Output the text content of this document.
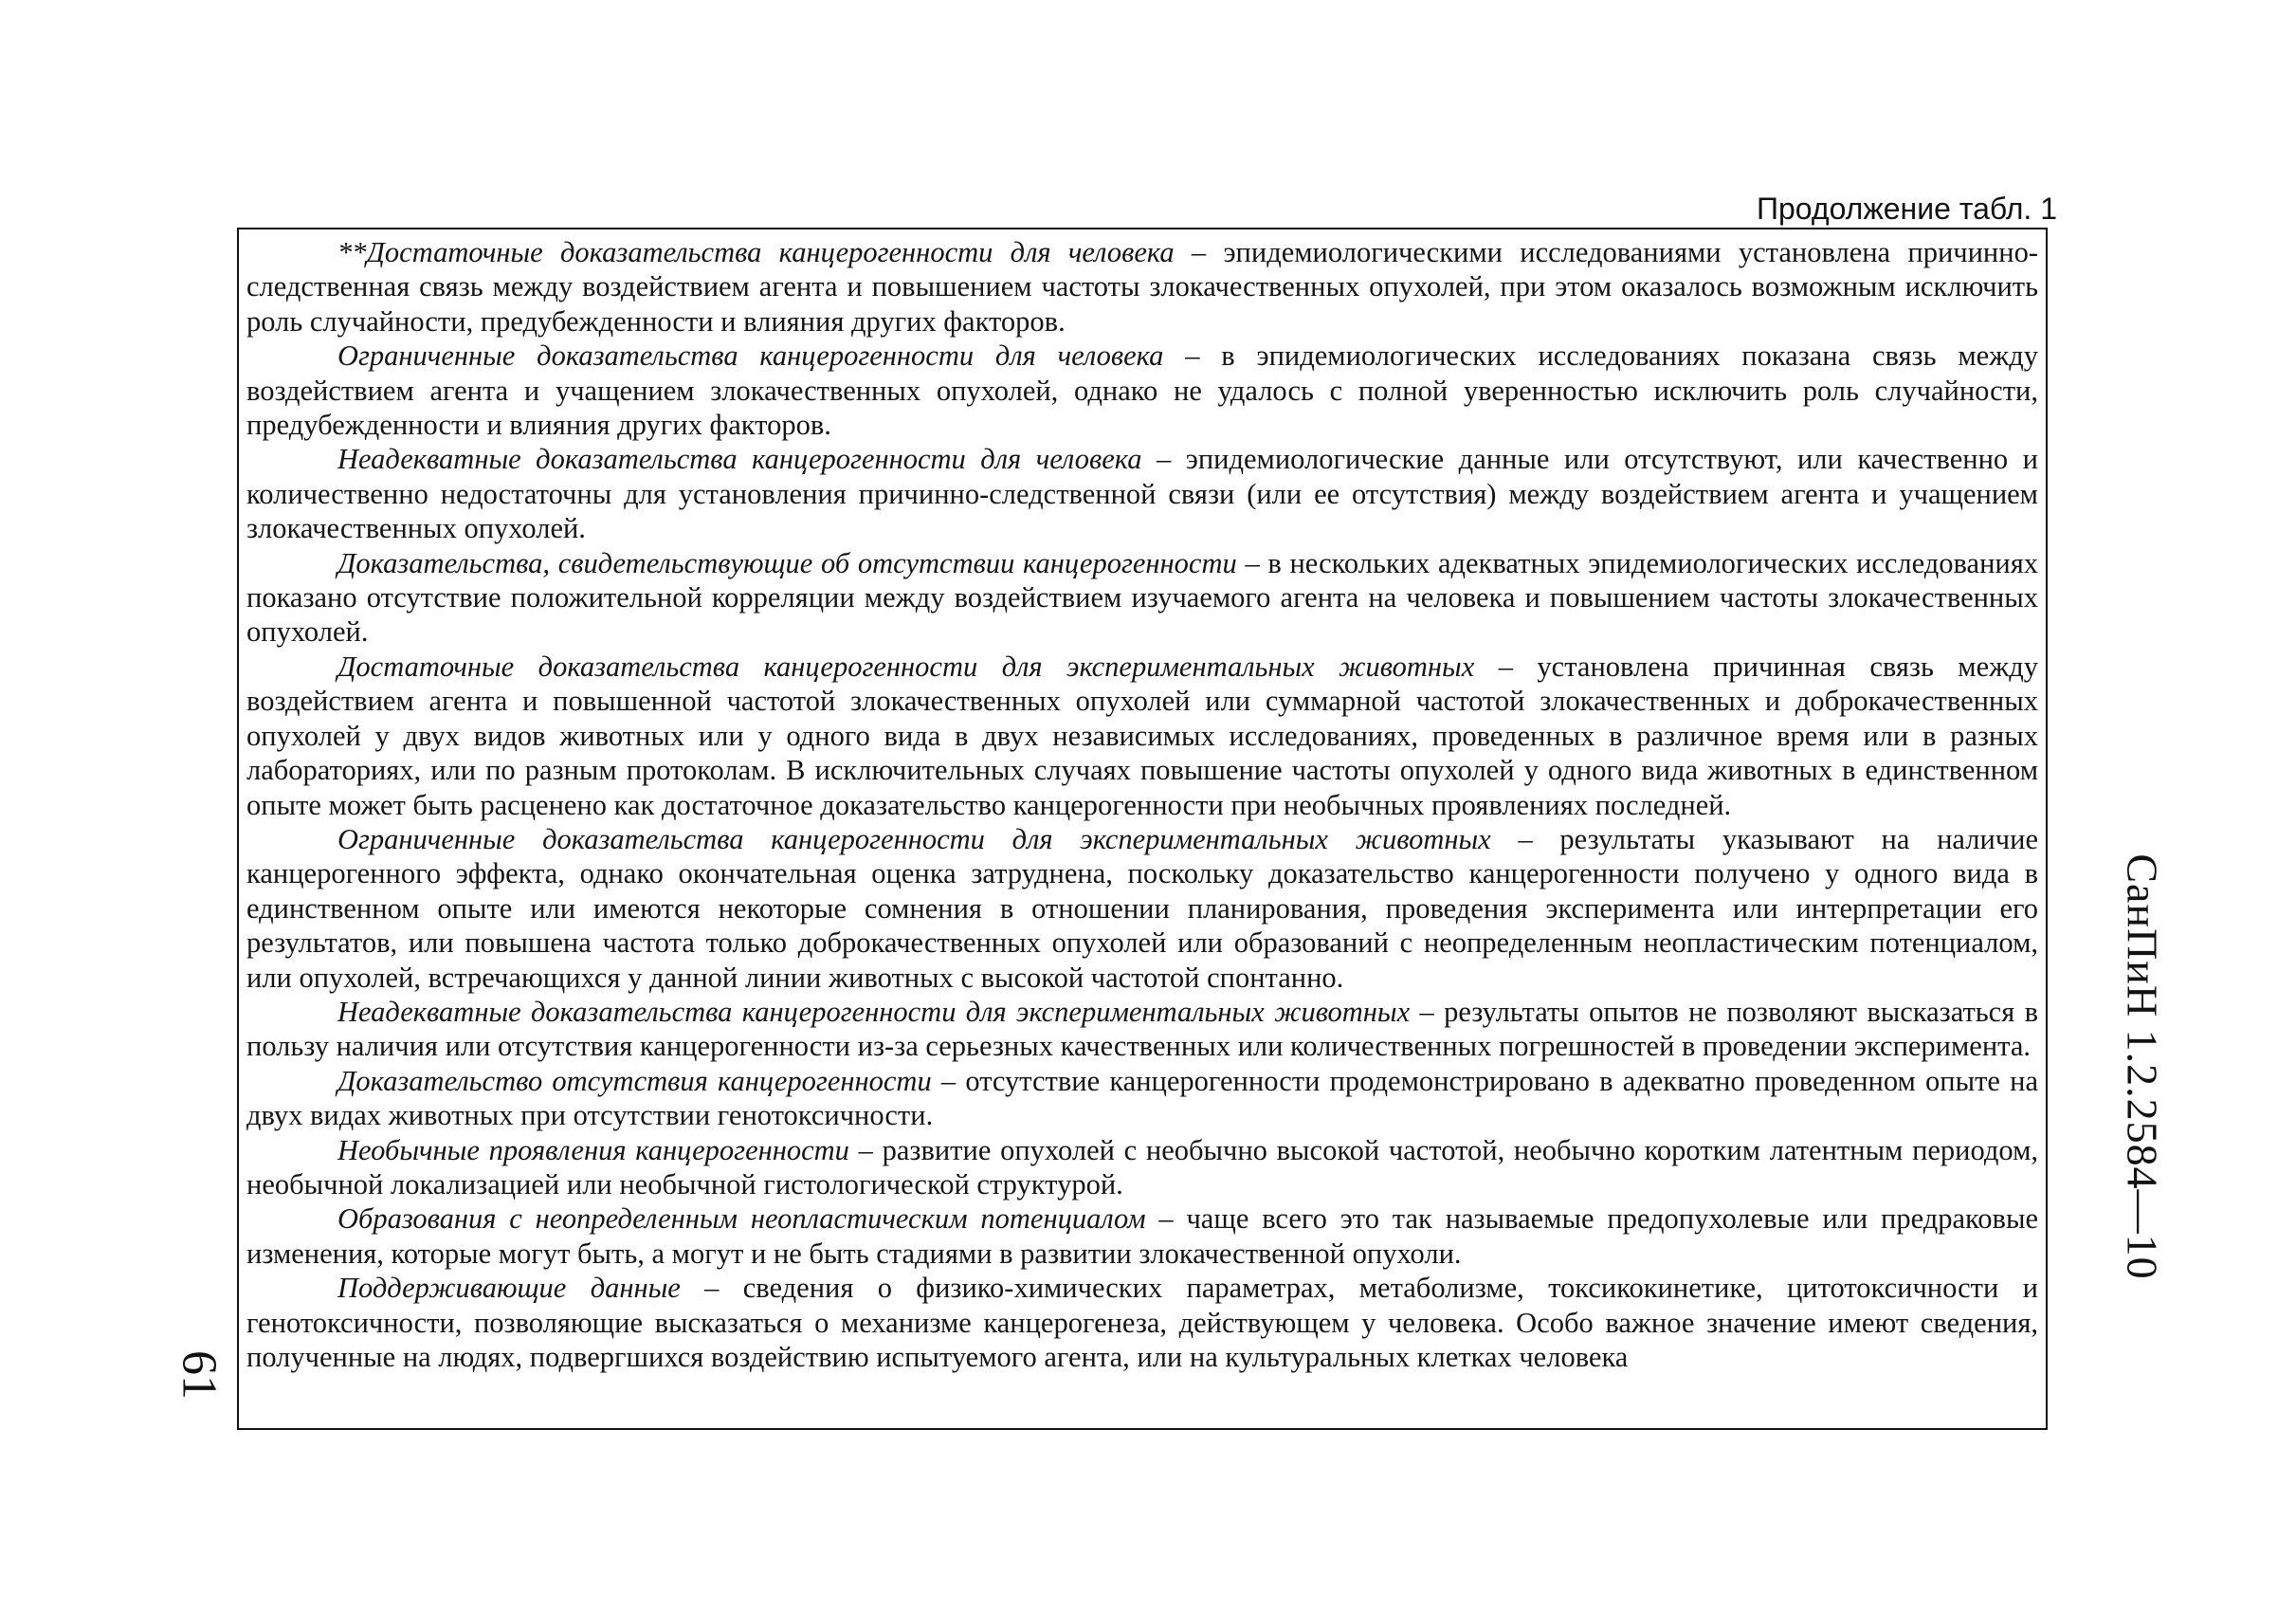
Продолжение табл. 1

**Достаточные доказательства канцерогенности для человека – эпидемиологическими исследованиями установлена причинно-следственная связь между воздействием агента и повышением частоты злокачественных опухолей, при этом оказалось возможным исключить роль случайности, предубежденности и влияния других факторов.

Ограниченные доказательства канцерогенности для человека – в эпидемиологических исследованиях показана связь между воздействием агента и учащением злокачественных опухолей, однако не удалось с полной уверенностью исключить роль случайности, предубежденности и влияния других факторов.

Неадекватные доказательства канцерогенности для человека – эпидемиологические данные или отсутствуют, или качественно и количественно недостаточны для установления причинно-следственной связи (или ее отсутствия) между воздействием агента и учащением злокачественных опухолей.

Доказательства, свидетельствующие об отсутствии канцерогенности – в нескольких адекватных эпидемиологических исследованиях показано отсутствие положительной корреляции между воздействием изучаемого агента на человека и повышением частоты злокачественных опухолей.

Достаточные доказательства канцерогенности для экспериментальных животных – установлена причинная связь между воздействием агента и повышенной частотой злокачественных опухолей или суммарной частотой злокачественных и доброкачественных опухолей у двух видов животных или у одного вида в двух независимых исследованиях, проведенных в различное время или в разных лабораториях, или по разным протоколам. В исключительных случаях повышение частоты опухолей у одного вида животных в единственном опыте может быть расценено как достаточное доказательство канцерогенности при необычных проявлениях последней.

Ограниченные доказательства канцерогенности для экспериментальных животных – результаты указывают на наличие канцерогенного эффекта, однако окончательная оценка затруднена, поскольку доказательство канцерогенности получено у одного вида в единственном опыте или имеются некоторые сомнения в отношении планирования, проведения эксперимента или интерпретации его результатов, или повышена частота только доброкачественных опухолей или образований с неопределенным неопластическим потенциалом, или опухолей, встречающихся у данной линии животных с высокой частотой спонтанно.

Неадекватные доказательства канцерогенности для экспериментальных животных – результаты опытов не позволяют высказаться в пользу наличия или отсутствия канцерогенности из-за серьезных качественных или количественных погрешностей в проведении эксперимента.

Доказательство отсутствия канцерогенности – отсутствие канцерогенности продемонстрировано в адекватно проведенном опыте на двух видах животных при отсутствии генотоксичности.

Необычные проявления канцерогенности – развитие опухолей с необычно высокой частотой, необычно коротким латентным периодом, необычной локализацией или необычной гистологической структурой.

Образования с неопределенным неопластическим потенциалом – чаще всего это так называемые предопухолевые или предраковые изменения, которые могут быть, а могут и не быть стадиями в развитии злокачественной опухоли.

Поддерживающие данные – сведения о физико-химических параметрах, метаболизме, токсикокинетике, цитотоксичности и генотоксичности, позволяющие высказаться о механизме канцерогенеза, действующем у человека. Особо важное значение имеют сведения, полученные на людях, подвергшихся воздействию испытуемого агента, или на культуральных клетках человека

СанПиН 1.2.2584—10
61
